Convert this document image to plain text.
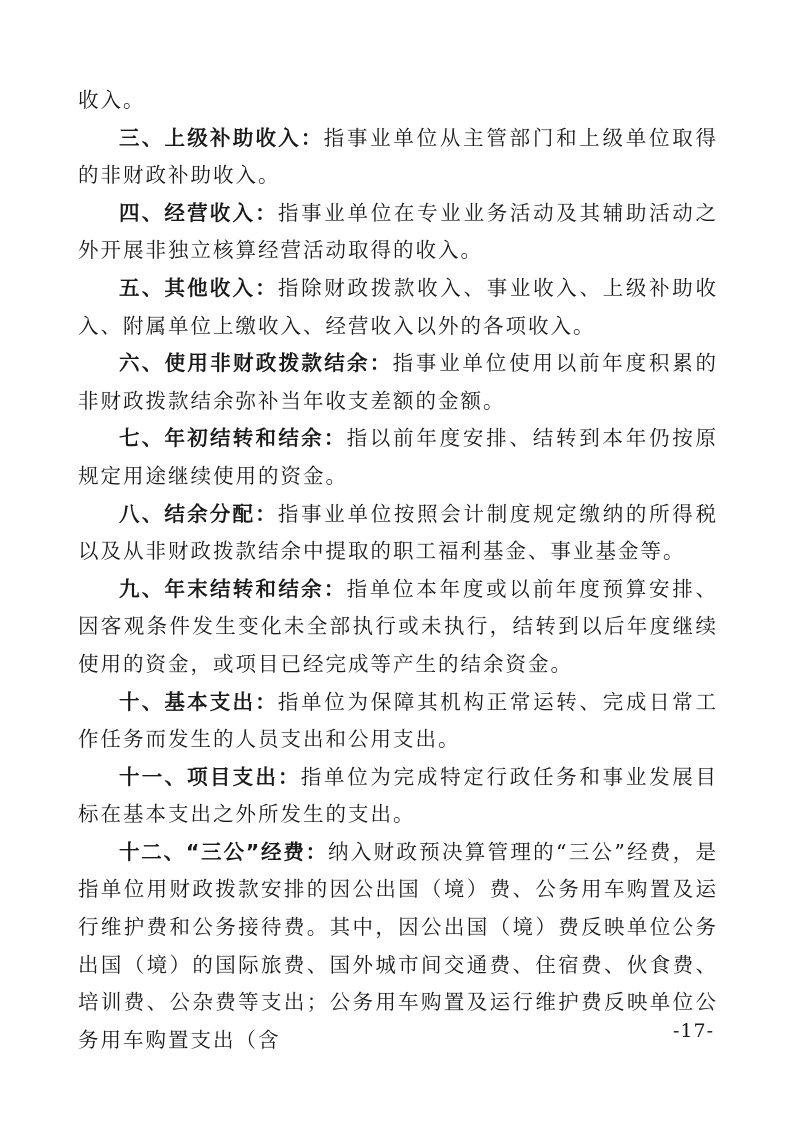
收入。

三、上级补助收入：指事业单位从主管部门和上级单位取得的非财政补助收入。

四、经营收入：指事业单位在专业业务活动及其辅助活动之外开展非独立核算经营活动取得的收入。

五、其他收入：指除财政拨款收入、事业收入、上级补助收入、附属单位上缴收入、经营收入以外的各项收入。

六、使用非财政拨款结余：指事业单位使用以前年度积累的非财政拨款结余弥补当年收支差额的金额。

七、年初结转和结余：指以前年度安排、结转到本年仍按原规定用途继续使用的资金。

八、结余分配：指事业单位按照会计制度规定缴纳的所得税以及从非财政拨款结余中提取的职工福利基金、事业基金等。

九、年末结转和结余：指单位本年度或以前年度预算安排、因客观条件发生变化未全部执行或未执行，结转到以后年度继续使用的资金，或项目已经完成等产生的结余资金。

十、基本支出：指单位为保障其机构正常运转、完成日常工作任务而发生的人员支出和公用支出。

十一、项目支出：指单位为完成特定行政任务和事业发展目标在基本支出之外所发生的支出。

十二、“三公”经费：纳入财政预决算管理的“三公”经费，是指单位用财政拨款安排的因公出国（境）费、公务用车购置及运行维护费和公务接待费。其中，因公出国（境）费反映单位公务出国（境）的国际旅费、国外城市间交通费、住宿费、伙食费、培训费、公杂费等支出；公务用车购置及运行维护费反映单位公务用车购置支出（含	-17-
